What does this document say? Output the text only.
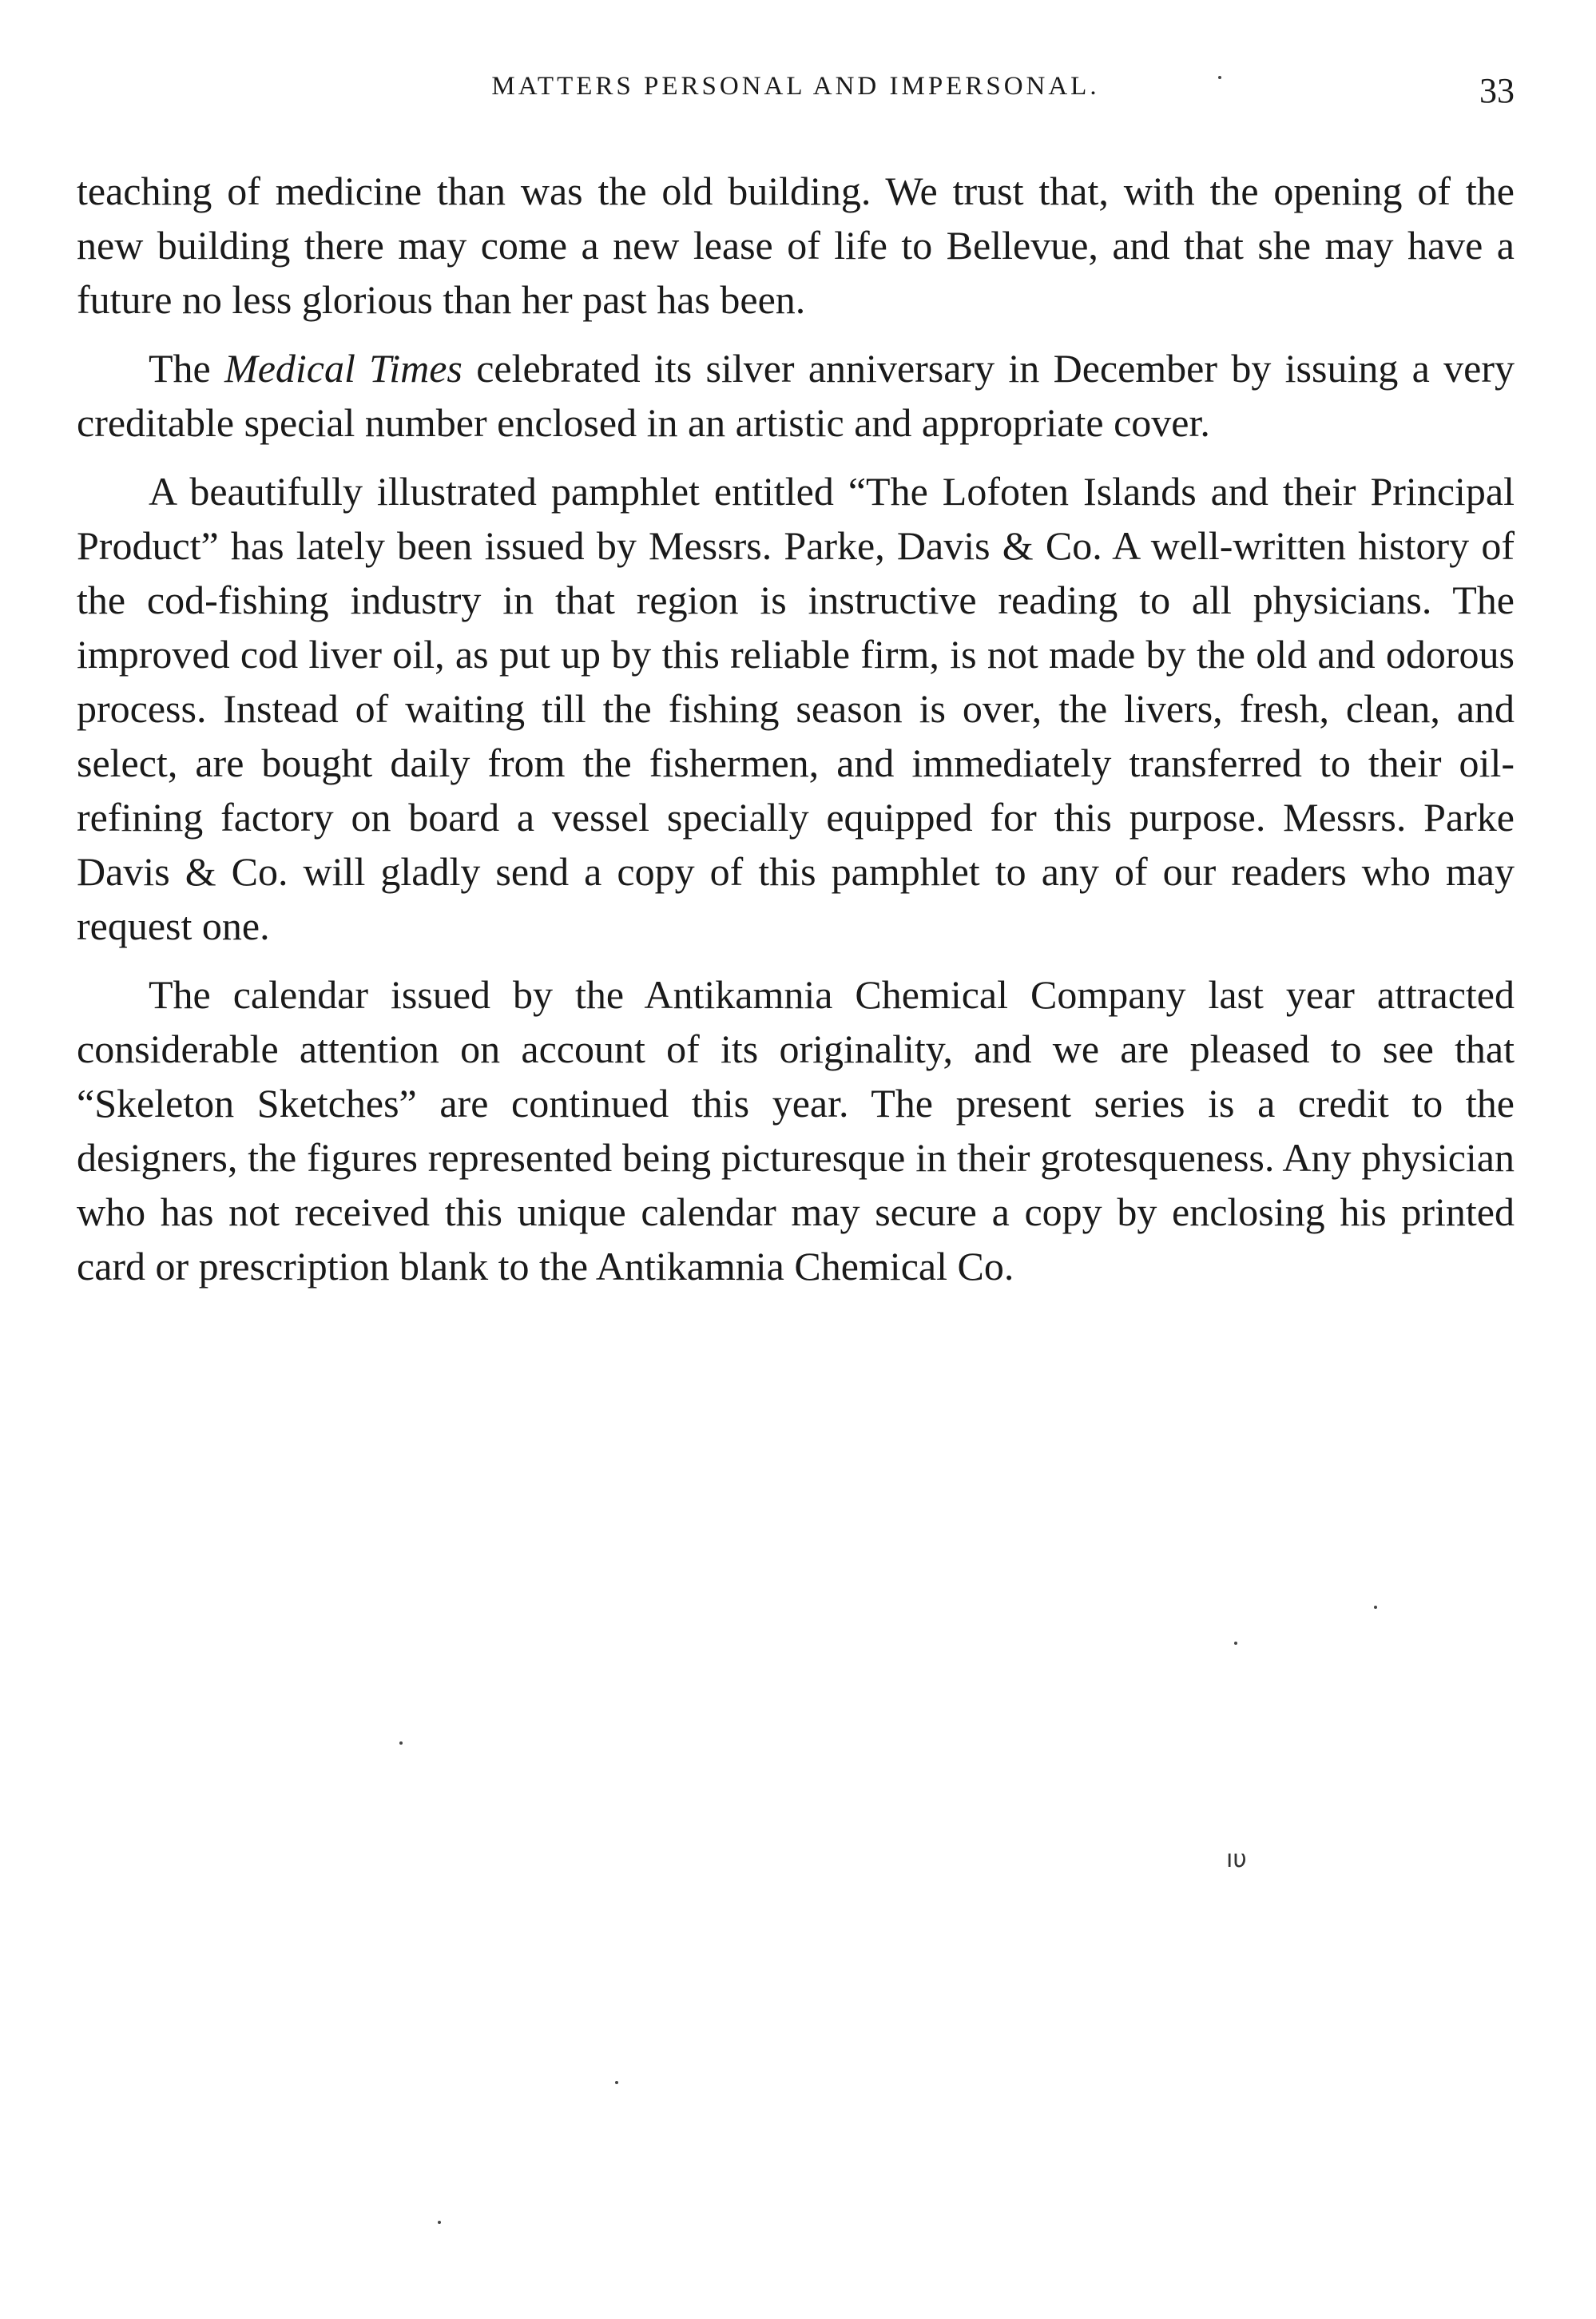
MATTERS PERSONAL AND IMPERSONAL.	33

teaching of medicine than was the old building. We trust that, with the opening of the new building there may come a new lease of life to Bellevue, and that she may have a future no less glorious than her past has been.

The Medical Times celebrated its silver anniversary in December by issuing a very creditable special number enclosed in an artistic and appropriate cover.

A beautifully illustrated pamphlet entitled “The Lofoten Islands and their Principal Product” has lately been issued by Messrs. Parke, Davis & Co. A well-written history of the cod-fishing industry in that region is instructive reading to all physicians. The improved cod liver oil, as put up by this reliable firm, is not made by the old and odorous process. Instead of waiting till the fishing season is over, the livers, fresh, clean, and select, are bought daily from the fishermen, and immediately transferred to their oil-refining factory on board a vessel specially equipped for this purpose. Messrs. Parke Davis & Co. will gladly send a copy of this pamphlet to any of our readers who may request one.

The calendar issued by the Antikamnia Chemical Company last year attracted considerable attention on account of its originality, and we are pleased to see that “Skeleton Sketches” are continued this year. The present series is a credit to the designers, the figures represented being picturesque in their grotesqueness. Any physician who has not received this unique calendar may secure a copy by enclosing his printed card or prescription blank to the Antikamnia Chemical Co.

ıυ
